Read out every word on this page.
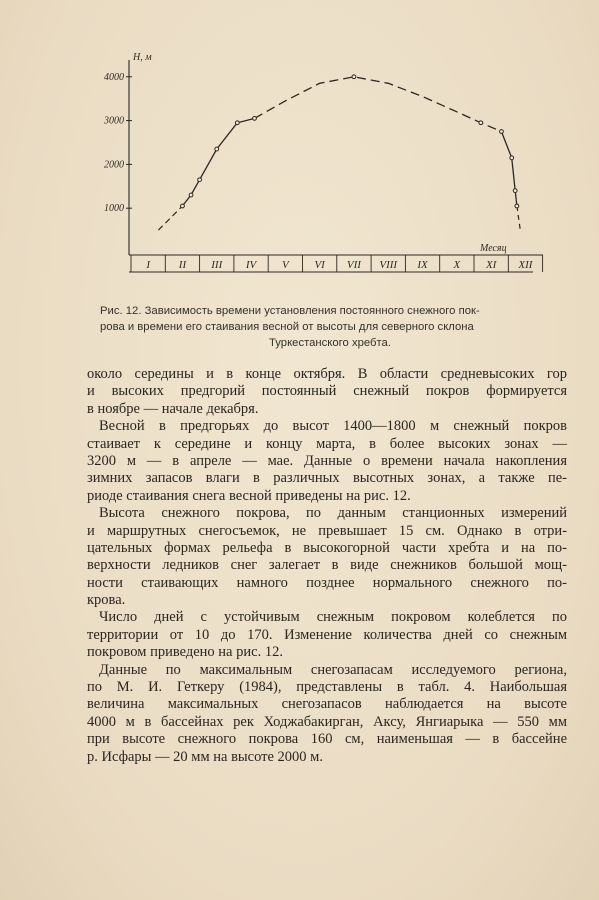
1000
2000
3000
4000
I	II III IV V VI VII VIII IX X XI XII
Н, м
Месяц
Рис. 12. Зависимость времени установления постоянного снежного пок-
рова и времени его стаивания весной от высоты для северного склона
Туркестанского хребта.
около середины и в конце октября. В области средневысоких гор
и высоких предгорий постоянный снежный покров формируется
в ноябре — начале декабря.
Весной в предгорьях до высот 1400—1800 м снежный покров
стаивает к середине и концу марта, в более высоких зонах —
3200 м — в апреле — мае. Данные о времени начала накопления
зимних запасов влаги в различных высотных зонах, а также пе-
риоде стаивания снега весной приведены на рис. 12.
Высота снежного покрова, по данным станционных измерений
и маршрутных снегосъемок, не превышает 15 см. Однако в отри-
цательных формах рельефа в высокогорной части хребта и на по-
верхности ледников снег залегает в виде снежников большой мощ-
ности стаивающих намного позднее нормального снежного по-
крова.
Число дней с устойчивым снежным покровом колеблется по
территории от 10 до 170. Изменение количества дней со снежным
покровом приведено на рис. 12.
Данные по максимальным снегозапасам исследуемого региона,
по М. И. Геткеру (1984), представлены в табл. 4. Наибольшая
величина максимальных снегозапасов наблюдается на высоте
4000 м в бассейнах рек Ходжабакирган, Аксу, Янгиарыка — 550 мм
при высоте снежного покрова 160 см, наименьшая — в бассейне
р. Исфары — 20 мм на высоте 2000 м.
